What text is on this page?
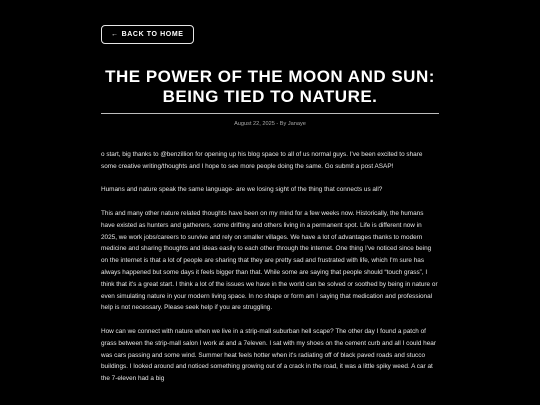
← BACK TO HOME
THE POWER OF THE MOON AND SUN: BEING TIED TO NATURE.
August 22, 2025 - By Janaye

o start, big thanks to @benzillion for opening up his blog space to all of us normal guys. I've been excited to share some creative writing/thoughts and I hope to see more people doing the same. Go submit a post ASAP!

Humans and nature speak the same language- are we losing sight of the thing that connects us all?

This and many other nature related thoughts have been on my mind for a few weeks now. Historically, the humans have existed as hunters and gatherers, some drifting and others living in a permanent spot. Life is different now in 2025, we work jobs/careers to survive and rely on smaller villages. We have a lot of advantages thanks to modern medicine and sharing thoughts and ideas easily to each other through the internet. One thing I've noticed since being on the internet is that a lot of people are sharing that they are pretty sad and frustrated with life, which I'm sure has always happened but some days it feels bigger than that. While some are saying that people should “touch grass”, I think that it's a great start. I think a lot of the issues we have in the world can be solved or soothed by being in nature or even simulating nature in your modern living space. In no shape or form am I saying that medication and professional help is not necessary. Please seek help if you are struggling.

How can we connect with nature when we live in a strip-mall suburban hell scape? The other day I found a patch of grass between the strip-mall salon I work at and a 7eleven. I sat with my shoes on the cement curb and all I could hear was cars passing and some wind. Summer heat feels hotter when it's radiating off of black paved roads and stucco buildings. I looked around and noticed something growing out of a crack in the road, it was a little spiky weed. A car at the 7-eleven had a big
